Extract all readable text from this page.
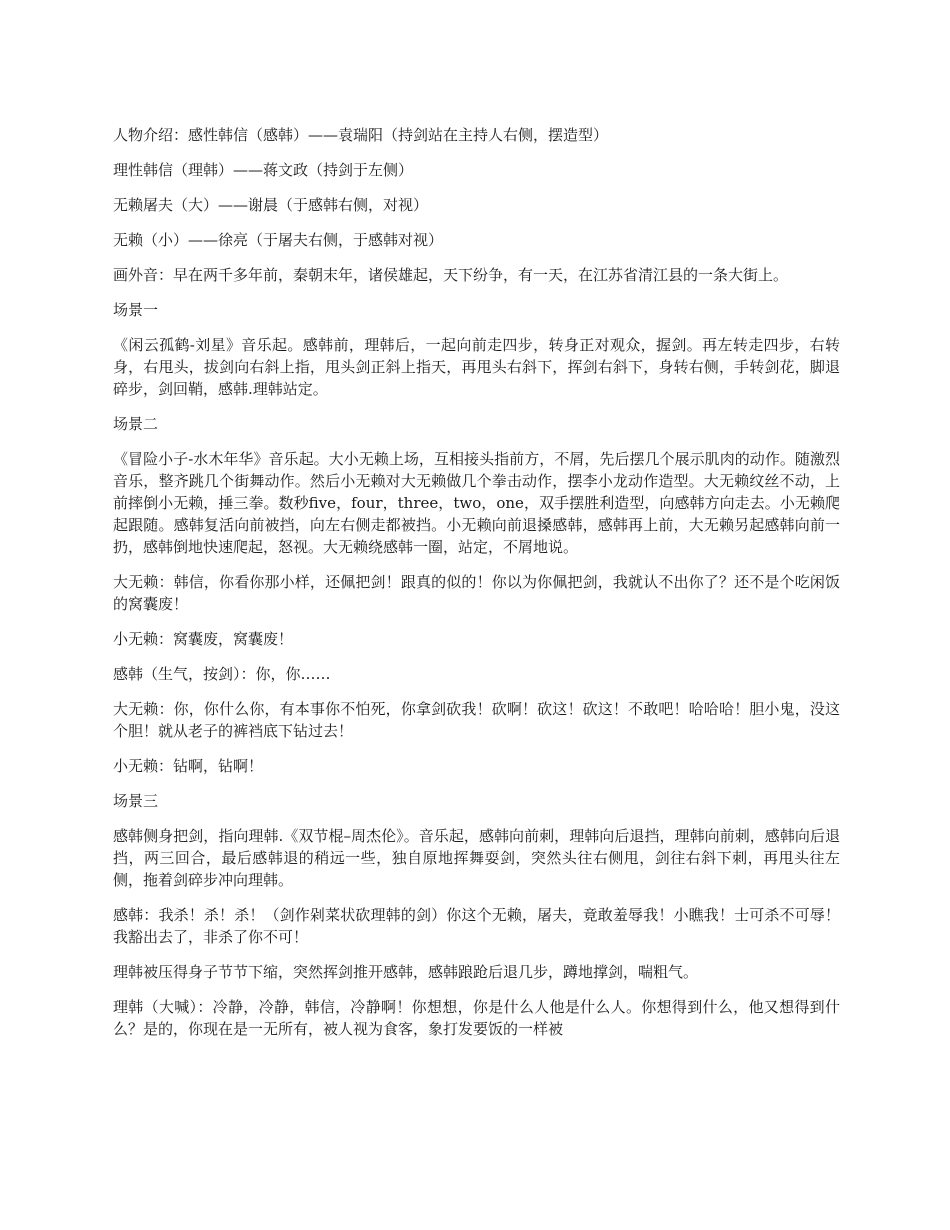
人物介绍：感性韩信（感韩）——袁瑞阳（持剑站在主持人右侧，摆造型）

理性韩信（理韩）——蒋文政（持剑于左侧）

无赖屠夫（大）——谢晨（于感韩右侧，对视）

无赖（小）——徐亮（于屠夫右侧，于感韩对视）

画外音：早在两千多年前，秦朝末年，诸侯雄起，天下纷争，有一天，在江苏省清江县的一条大街上。

场景一

《闲云孤鹤-刘星》音乐起。感韩前，理韩后，一起向前走四步，转身正对观众，握剑。再左转走四步，右转身，右甩头，拔剑向右斜上指，甩头剑正斜上指天，再甩头右斜下，挥剑右斜下，身转右侧，手转剑花，脚退碎步，剑回鞘，感韩.理韩站定。

场景二

《冒险小子-水木年华》音乐起。大小无赖上场，互相接头指前方，不屑，先后摆几个展示肌肉的动作。随激烈音乐，整齐跳几个街舞动作。然后小无赖对大无赖做几个拳击动作，摆李小龙动作造型。大无赖纹丝不动，上前摔倒小无赖，捶三拳。数秒five，four，three，two，one，双手摆胜利造型，向感韩方向走去。小无赖爬起跟随。感韩复活向前被挡，向左右侧走都被挡。小无赖向前退搡感韩，感韩再上前，大无赖另起感韩向前一扔，感韩倒地快速爬起，怒视。大无赖绕感韩一圈，站定，不屑地说。

大无赖：韩信，你看你那小样，还佩把剑！跟真的似的！你以为你佩把剑，我就认不出你了？还不是个吃闲饭的窝囊废！

小无赖：窝囊废，窝囊废！

感韩（生气，按剑）：你，你……

大无赖：你，你什么你，有本事你不怕死，你拿剑砍我！砍啊！砍这！砍这！不敢吧！哈哈哈！胆小鬼，没这个胆！就从老子的裤裆底下钻过去！

小无赖：钻啊，钻啊！

场景三

感韩侧身把剑，指向理韩.《双节棍–周杰伦》。音乐起，感韩向前刺，理韩向后退挡，理韩向前刺，感韩向后退挡，两三回合，最后感韩退的稍远一些，独自原地挥舞耍剑，突然头往右侧甩，剑往右斜下刺，再甩头往左侧，拖着剑碎步冲向理韩。

感韩：我杀！杀！杀！（剑作剁菜状砍理韩的剑）你这个无赖，屠夫，竟敢羞辱我！小瞧我！士可杀不可辱！我豁出去了，非杀了你不可！

理韩被压得身子节节下缩，突然挥剑推开感韩，感韩踉跄后退几步，蹲地撑剑，喘粗气。

理韩（大喊）：冷静，冷静，韩信，冷静啊！你想想，你是什么人他是什么人。你想得到什么，他又想得到什么？是的，你现在是一无所有，被人视为食客，象打发要饭的一样被
